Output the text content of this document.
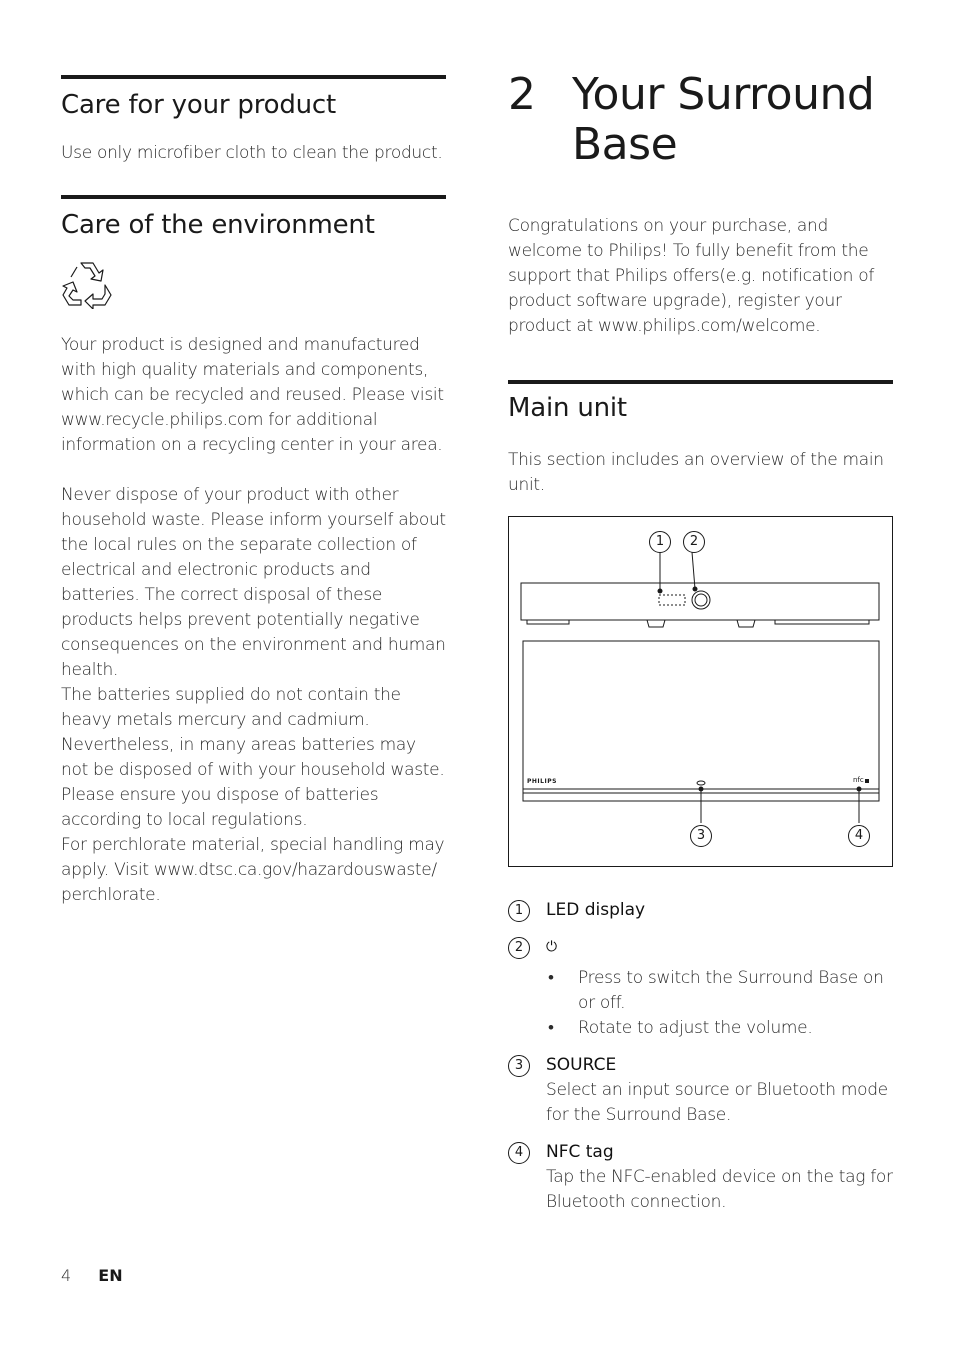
Care for your product

Use only microfiber cloth to clean the product.

Care of the environment

Your product is designed and manufactured with high quality materials and components, which can be recycled and reused. Please visit www.recycle.philips.com for additional information on a recycling center in your area.

Never dispose of your product with other household waste. Please inform yourself about the local rules on the separate collection of electrical and electronic products and batteries. The correct disposal of these products helps prevent potentially negative consequences on the environment and human health.

The batteries supplied do not contain the heavy metals mercury and cadmium. Nevertheless, in many areas batteries may not be disposed of with your household waste. Please ensure you dispose of batteries according to local regulations.

For perchlorate material, special handling may apply. Visit www.dtsc.ca.gov/hazardouswaste/ perchlorate.

2 Your Surround Base

Congratulations on your purchase, and welcome to Philips! To fully benefit from the support that Philips offers(e.g. notification of product software upgrade), register your product at www.philips.com/welcome.

Main unit

This section includes an overview of the main unit.

PHILIPS	nfc
1	2
3	4
1	LED display
2	⏻
• Press to switch the Surround Base on or off.
• Rotate to adjust the volume.
3	SOURCE
Select an input source or Bluetooth mode for the Surround Base.
4	NFC tag
Tap the NFC-enabled device on the tag for Bluetooth connection.
4 EN
